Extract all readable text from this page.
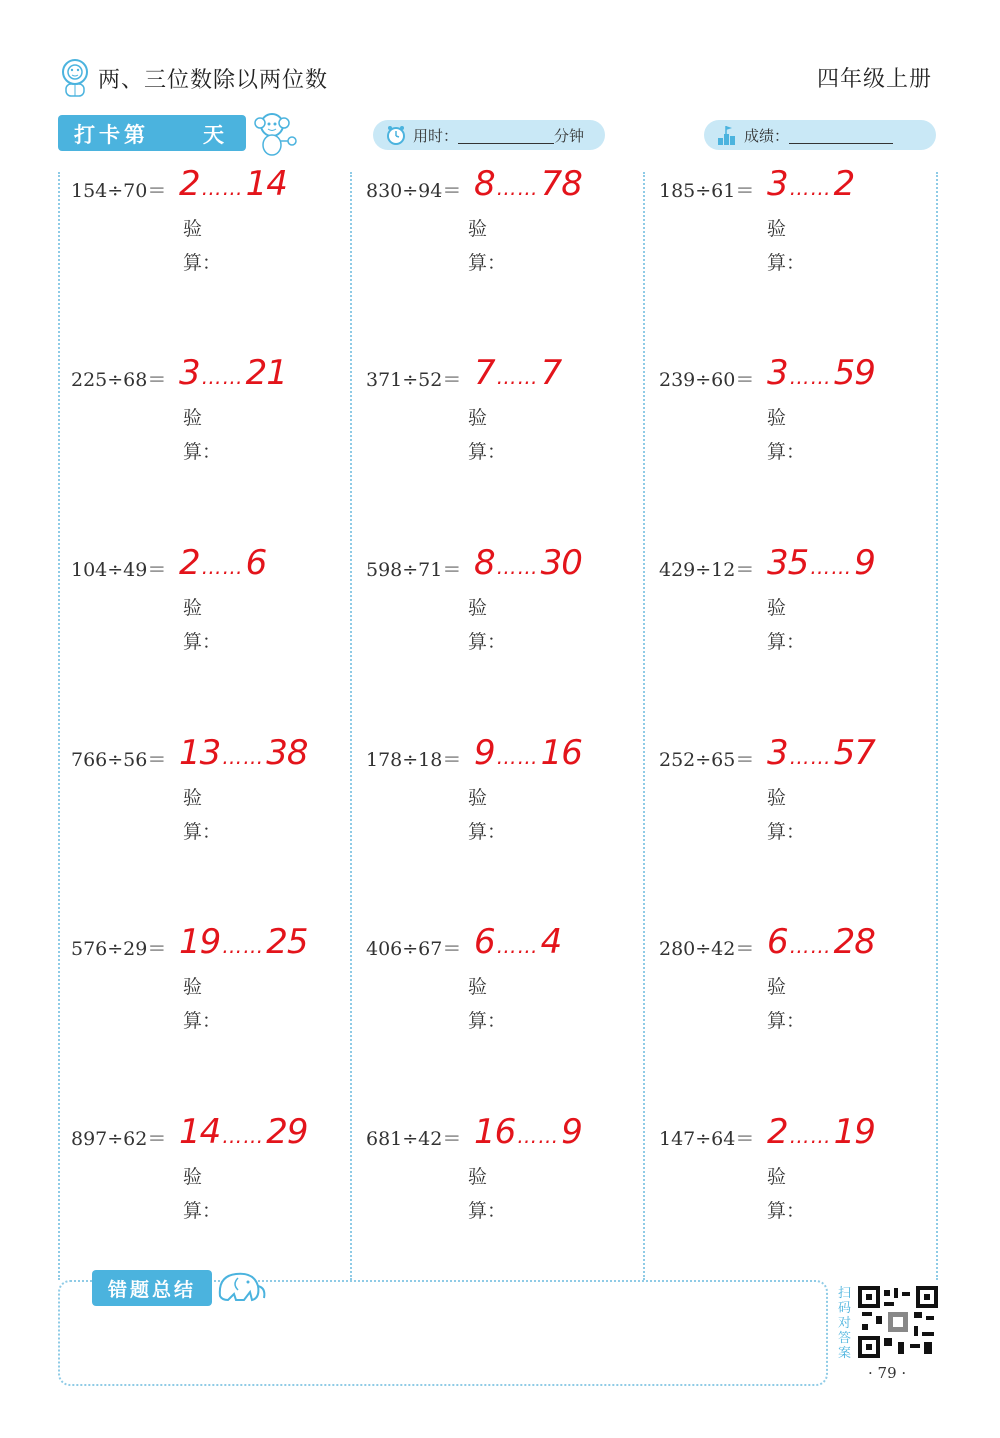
两、三位数除以两位数	四年级上册
打卡第	天	用时：	分钟	成绩：
154÷70＝ 2 ……14
验
算：
830÷94＝ 8 ……78
验
算：
185÷61＝ 3 ……2
验
算：
225÷68＝ 3 ……21
验
算：
371÷52＝ 7 ……7
验
算：
239÷60＝ 3 ……59
验
算：
104÷49＝ 2 ……6
验
算：
598÷71＝ 8 ……30
验
算：
429÷12＝ 35 ……9
验
算：
766÷56＝ 13 ……38
验
算：
178÷18＝ 9 ……16
验
算：
252÷65＝ 3 ……57
验
算：
576÷29＝ 19 ……25
验
算：
406÷67＝ 6 ……4
验
算：
280÷42＝ 6 ……28
验
算：
897÷62＝ 14 ……29
验
算：
681÷42＝ 16 ……9
验
算：
147÷64＝ 2 ……19
验
算：
错题总结	扫码对答案
· 79 ·
